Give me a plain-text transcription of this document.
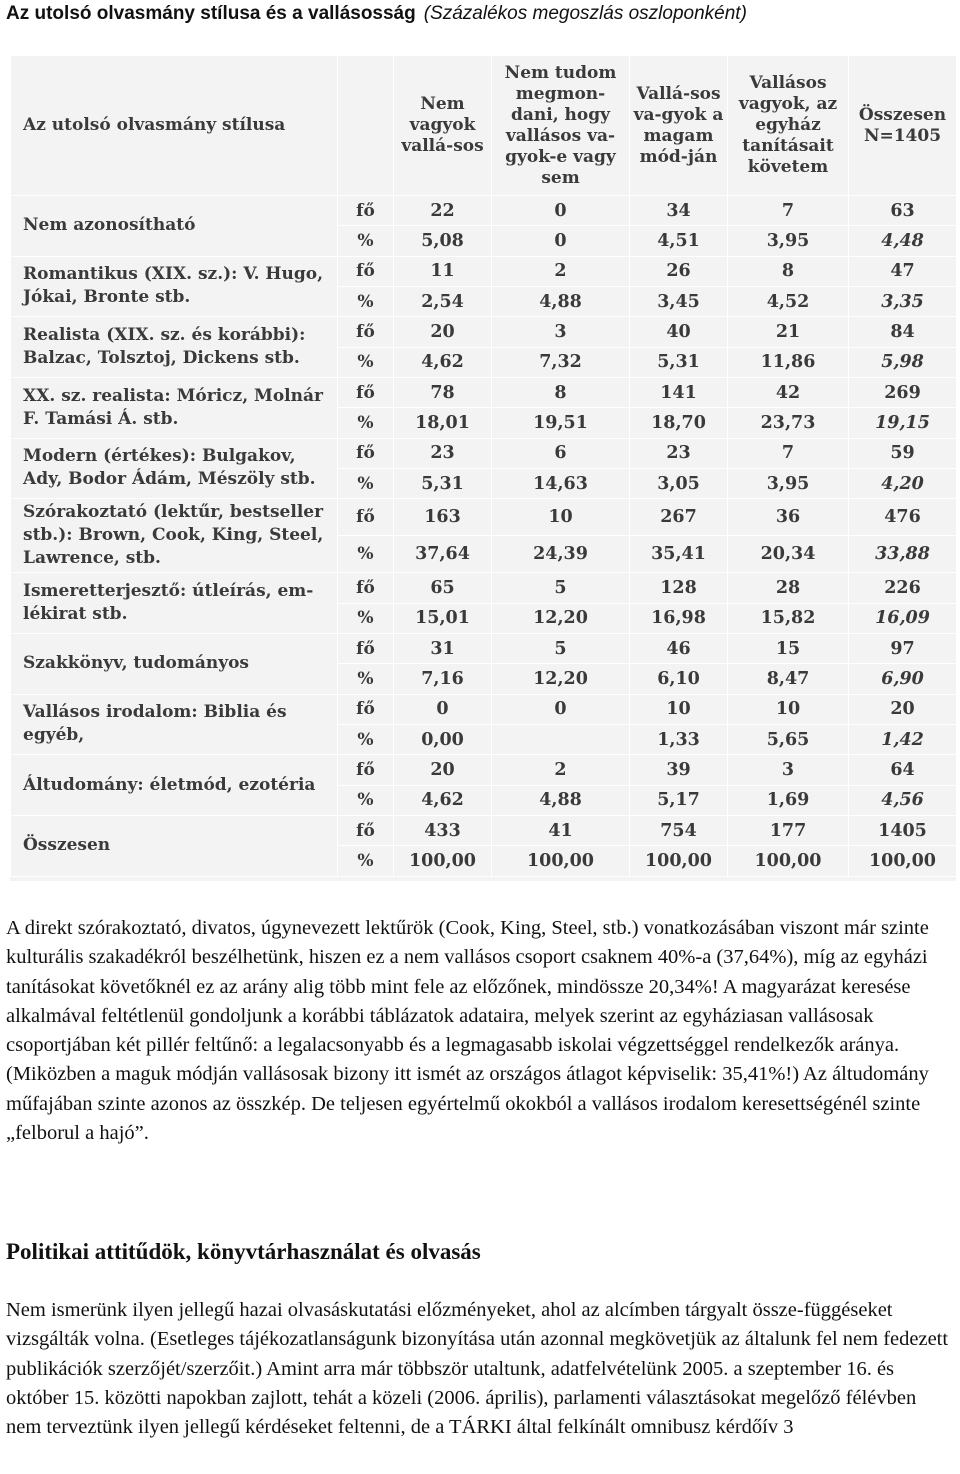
Az utolsó olvasmány stílusa és a vallásosság (Százalékos megoszlás oszloponként)
Az utolsó olvasmány stílusa		Nem vagyok vallá-sos	Nem tudom megmon-dani, hogy vallásos va-gyok-e vagy sem	Vallá-sos va-gyok a magam mód-ján	Vallásos vagyok, az egyház tanításait követem	Összesen N=1405
Nem azonosítható	fő	22	0	34	7	63
	%	5,08	0	4,51	3,95	4,48
Romantikus (XIX. sz.): V. Hugo, Jókai, Bronte stb.	fő	11	2	26	8	47
	%	2,54	4,88	3,45	4,52	3,35
Realista (XIX. sz. és korábbi): Balzac, Tolsztoj, Dickens stb.	fő	20	3	40	21	84
	%	4,62	7,32	5,31	11,86	5,98
XX. sz. realista: Móricz, Molnár F. Tamási Á. stb.	fő	78	8	141	42	269
	%	18,01	19,51	18,70	23,73	19,15
Modern (értékes): Bulgakov, Ady, Bodor Ádám, Mészöly stb.	fő	23	6	23	7	59
	%	5,31	14,63	3,05	3,95	4,20
Szórakoztató (lektűr, bestseller stb.): Brown, Cook, King, Steel, Lawrence, stb.	fő	163	10	267	36	476
	%	37,64	24,39	35,41	20,34	33,88
Ismeretterjesztő: útleírás, em-lékirat stb.	fő	65	5	128	28	226
	%	15,01	12,20	16,98	15,82	16,09
Szakkönyv, tudományos	fő	31	5	46	15	97
	%	7,16	12,20	6,10	8,47	6,90
Vallásos irodalom: Biblia és egyéb,	fő	0	0	10	10	20
	%	0,00		1,33	5,65	1,42
Áltudomány: életmód, ezotéria	fő	20	2	39	3	64
	%	4,62	4,88	5,17	1,69	4,56
Összesen	fő	433	41	754	177	1405
	%	100,00	100,00	100,00	100,00	100,00

A direkt szórakoztató, divatos, úgynevezett lektűrök (Cook, King, Steel, stb.) vonatkozásában viszont már szinte kulturális szakadékról beszélhetünk, hiszen ez a nem vallásos csoport csaknem 40%-a (37,64%), míg az egyházi tanításokat követőknél ez az arány alig több mint fele az előzőnek, mindössze 20,34%! A magyarázat keresése alkalmával feltétlenül gondoljunk a korábbi táblázatok adataira, melyek szerint az egyháziasan vallásosak csoportjában két pillér feltűnő: a legalacsonyabb és a legmagasabb iskolai végzettséggel rendelkezők aránya.

(Miközben a maguk módján vallásosak bizony itt ismét az országos átlagot képviselik: 35,41%!) Az áltudomány műfajában szinte azonos az összkép. De teljesen egyértelmű okokból a vallásos irodalom keresettségénél szinte „felborul a hajó”.

Politikai attitűdök, könyvtárhasználat és olvasás

Nem ismerünk ilyen jellegű hazai olvasáskutatási előzményeket, ahol az alcímben tárgyalt össze-függéseket vizsgálták volna. (Esetleges tájékozatlanságunk bizonyítása után azonnal megkövetjük az általunk fel nem fedezett publikációk szerzőjét/szerzőit.) Amint arra már többször utaltunk, adatfelvételünk 2005. a szeptember 16. és október 15. közötti napokban zajlott, tehát a közeli (2006. április), parlamenti választásokat megelőző félévben nem terveztünk ilyen jellegű kérdéseket feltenni, de a TÁRKI által felkínált omnibusz kérdőív 3
